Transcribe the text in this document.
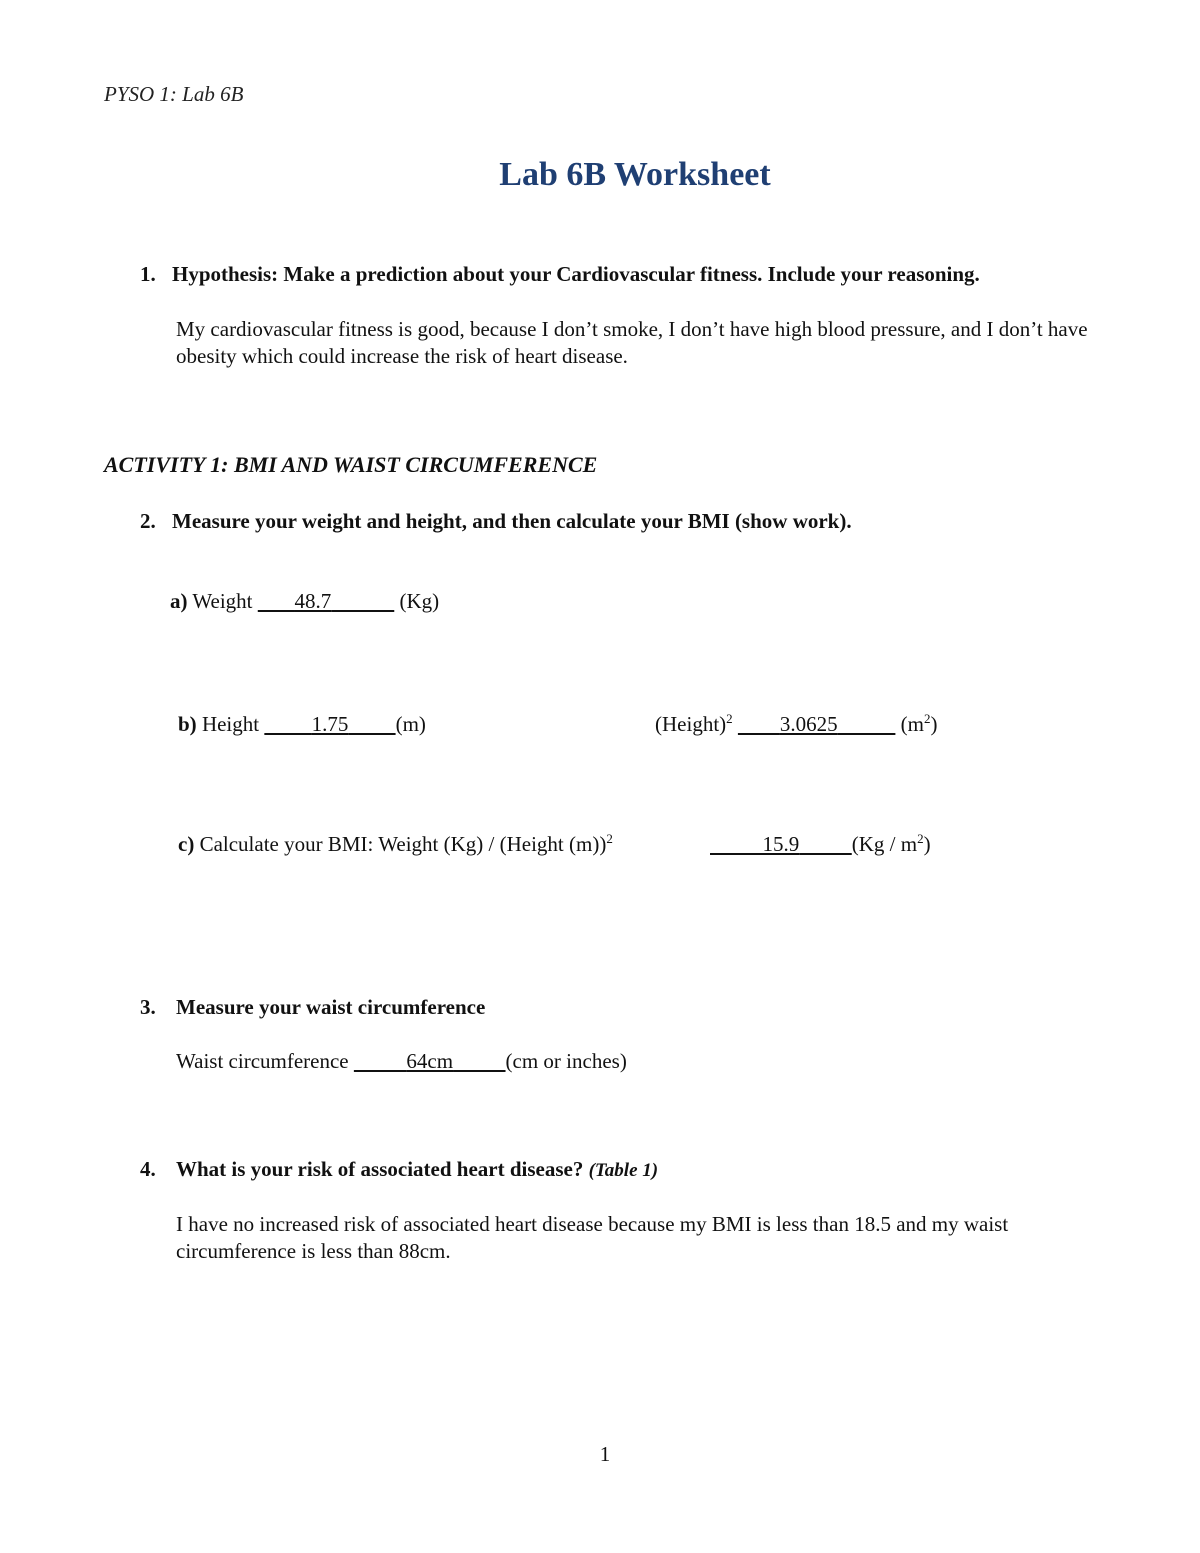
PYSO 1: Lab 6B
Lab 6B Worksheet
1. Hypothesis: Make a prediction about your Cardiovascular fitness. Include your reasoning.
My cardiovascular fitness is good, because I don’t smoke, I don’t have high blood pressure, and I don’t have obesity which could increase the risk of heart disease.
ACTIVITY 1: BMI AND WAIST CIRCUMFERENCE
2. Measure your weight and height, and then calculate your BMI (show work).
a) Weight 48.7	(Kg)
b) Height	1.75 (m)	(Height)$^2$ 3.0625	$(m^2)$
c) Calculate your BMI: Weight (Kg) / (Height (m))$^2$	15.9	$(Kg / m^2)$
3. Measure your waist circumference
Waist circumference	64cm	(cm or inches)
4. What is your risk of associated heart disease? (Table 1)
I have no increased risk of associated heart disease because my BMI is less than 18.5 and my waist circumference is less than 88cm.
1
